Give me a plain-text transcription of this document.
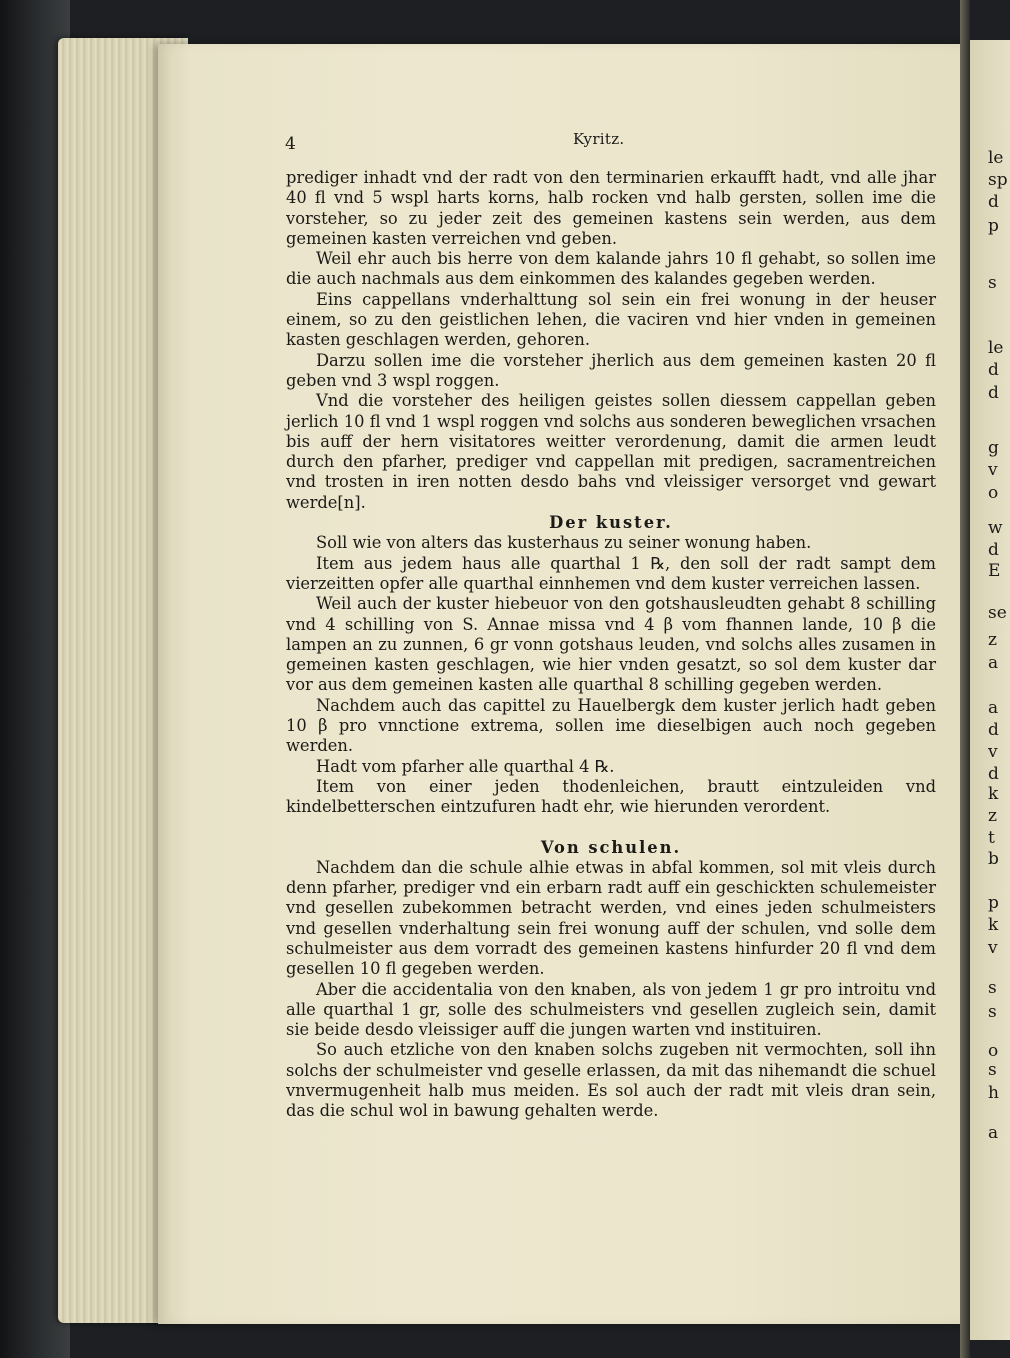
le
sp
d
p
s
le
d
d
g
v
o
w
d
E
se
z
a
a
d
v
d
k
z
t
b
p
k
v
s
s
o
s
h
a
4	Kyritz.

prediger inhadt vnd der radt von den terminarien erkaufft hadt, vnd alle jhar 40 fl vnd 5 wspl harts korns, halb rocken vnd halb gersten, sollen ime die vorsteher, so zu jeder zeit des gemeinen kastens sein werden, aus dem gemeinen kasten verreichen vnd geben.

Weil ehr auch bis herre von dem kalande jahrs 10 fl gehabt, so sollen ime die auch nachmals aus dem einkommen des kalandes gegeben werden.

Eins cappellans vnderhalttung sol sein ein frei wonung in der heuser einem, so zu den geistlichen lehen, die vaciren vnd hier vnden in gemeinen kasten geschlagen werden, gehoren.

Darzu sollen ime die vorsteher jherlich aus dem gemeinen kasten 20 fl geben vnd 3 wspl roggen.

Vnd die vorsteher des heiligen geistes sollen diessem cappellan geben jerlich 10 fl vnd 1 wspl roggen vnd solchs aus sonderen beweglichen vrsachen bis auff der hern visitatores weitter verordenung, damit die armen leudt durch den pfarher, prediger vnd cappellan mit predigen, sacramentreichen vnd trosten in iren notten desdo bahs vnd vleissiger versorget vnd gewart werde[n].

Der kuster.

Soll wie von alters das kusterhaus zu seiner wonung haben.

Item aus jedem haus alle quarthal 1 ℞, den soll der radt sampt dem vierzeitten opfer alle quarthal einnhemen vnd dem kuster verreichen lassen.

Weil auch der kuster hiebeuor von den gotshausleudten gehabt 8 schilling vnd 4 schilling von S. Annae missa vnd 4 β vom fhannen lande, 10 β die lampen an zu zunnen, 6 gr vonn gotshaus leuden, vnd solchs alles zusamen in gemeinen kasten geschlagen, wie hier vnden gesatzt, so sol dem kuster dar vor aus dem gemeinen kasten alle quarthal 8 schilling gegeben werden.

Nachdem auch das capittel zu Hauelbergk dem kuster jerlich hadt geben 10 β pro vnnctione extrema, sollen ime dieselbigen auch noch gegeben werden.

Hadt vom pfarher alle quarthal 4 ℞.

Item von einer jeden thodenleichen, brautt eintzuleiden vnd kindelbetterschen eintzufuren hadt ehr, wie hierunden verordent.

Von schulen.

Nachdem dan die schule alhie etwas in abfal kommen, sol mit vleis durch denn pfarher, prediger vnd ein erbarn radt auff ein geschickten schulemeister vnd gesellen zubekommen betracht werden, vnd eines jeden schulmeisters vnd gesellen vnderhaltung sein frei wonung auff der schulen, vnd solle dem schulmeister aus dem vorradt des gemeinen kastens hinfurder 20 fl vnd dem gesellen 10 fl gegeben werden.

Aber die accidentalia von den knaben, als von jedem 1 gr pro introitu vnd alle quarthal 1 gr, solle des schulmeisters vnd gesellen zugleich sein, damit sie beide desdo vleissiger auff die jungen warten vnd instituiren.

So auch etzliche von den knaben solchs zugeben nit vermochten, soll ihn solchs der schulmeister vnd geselle erlassen, da mit das nihemandt die schuel vnvermugenheit halb mus meiden. Es sol auch der radt mit vleis dran sein, das die schul wol in bawung gehalten werde.
